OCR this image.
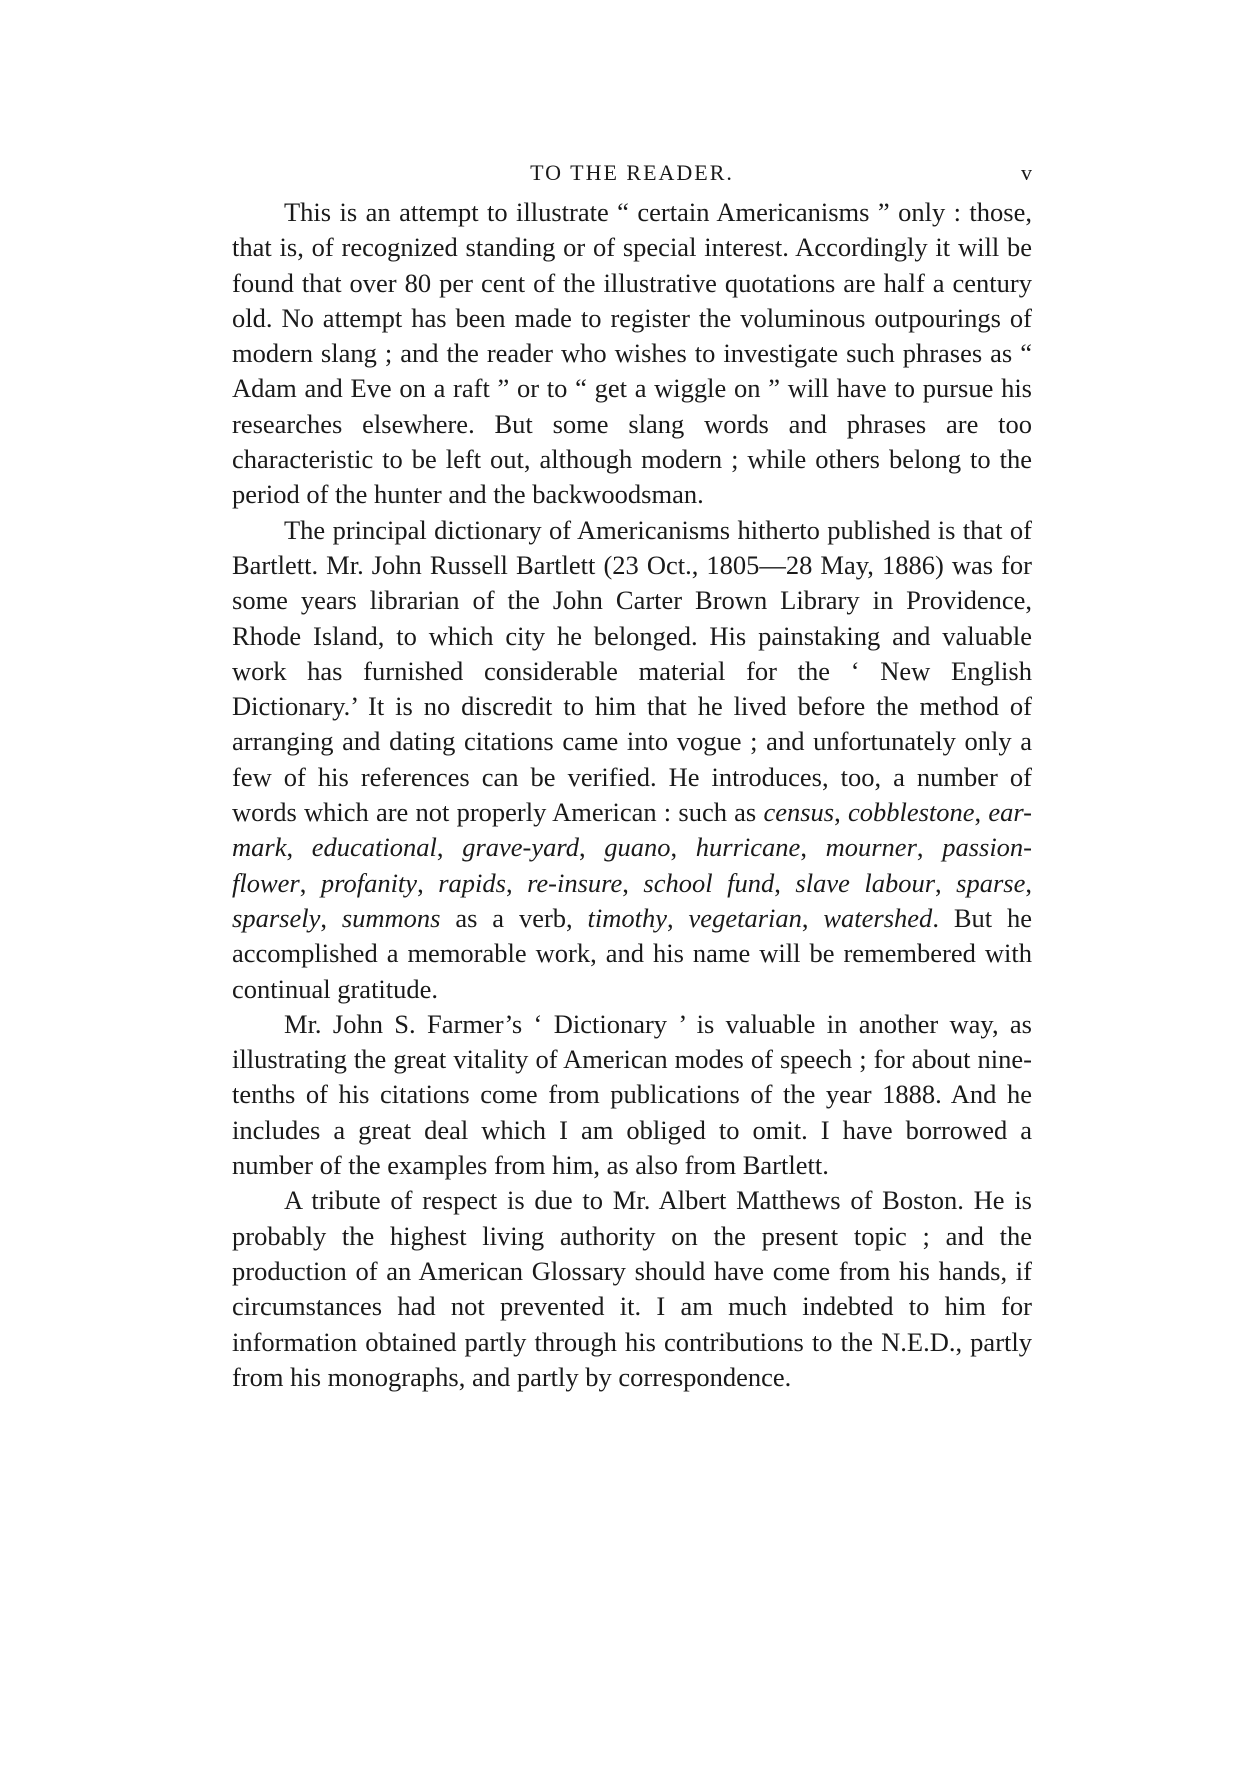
TO THE READER.	v

This is an attempt to illustrate “ certain Americanisms ” only : those, that is, of recognized standing or of special interest. Accordingly it will be found that over 80 per cent of the illustrative quotations are half a century old. No attempt has been made to register the voluminous outpourings of modern slang ; and the reader who wishes to investigate such phrases as “ Adam and Eve on a raft ” or to “ get a wiggle on ” will have to pursue his researches elsewhere. But some slang words and phrases are too characteristic to be left out, although modern ; while others belong to the period of the hunter and the backwoodsman.

The principal dictionary of Americanisms hitherto published is that of Bartlett. Mr. John Russell Bartlett (23 Oct., 1805—28 May, 1886) was for some years librarian of the John Carter Brown Library in Providence, Rhode Island, to which city he belonged. His painstaking and valuable work has furnished considerable material for the ‘ New English Dictionary.’ It is no discredit to him that he lived before the method of arranging and dating citations came into vogue ; and unfortunately only a few of his references can be verified. He introduces, too, a number of words which are not properly American : such as census, cobblestone, ear-mark, educational, grave-yard, guano, hurricane, mourner, passion-flower, profanity, rapids, re-insure, school fund, slave labour, sparse, sparsely, summons as a verb, timothy, vegetarian, watershed. But he accomplished a memorable work, and his name will be remembered with continual gratitude.

Mr. John S. Farmer’s ‘ Dictionary ’ is valuable in another way, as illustrating the great vitality of American modes of speech ; for about nine-tenths of his citations come from publications of the year 1888. And he includes a great deal which I am obliged to omit. I have borrowed a number of the examples from him, as also from Bartlett.

A tribute of respect is due to Mr. Albert Matthews of Boston. He is probably the highest living authority on the present topic ; and the production of an American Glossary should have come from his hands, if circumstances had not prevented it. I am much indebted to him for information obtained partly through his contributions to the N.E.D., partly from his monographs, and partly by correspondence.
